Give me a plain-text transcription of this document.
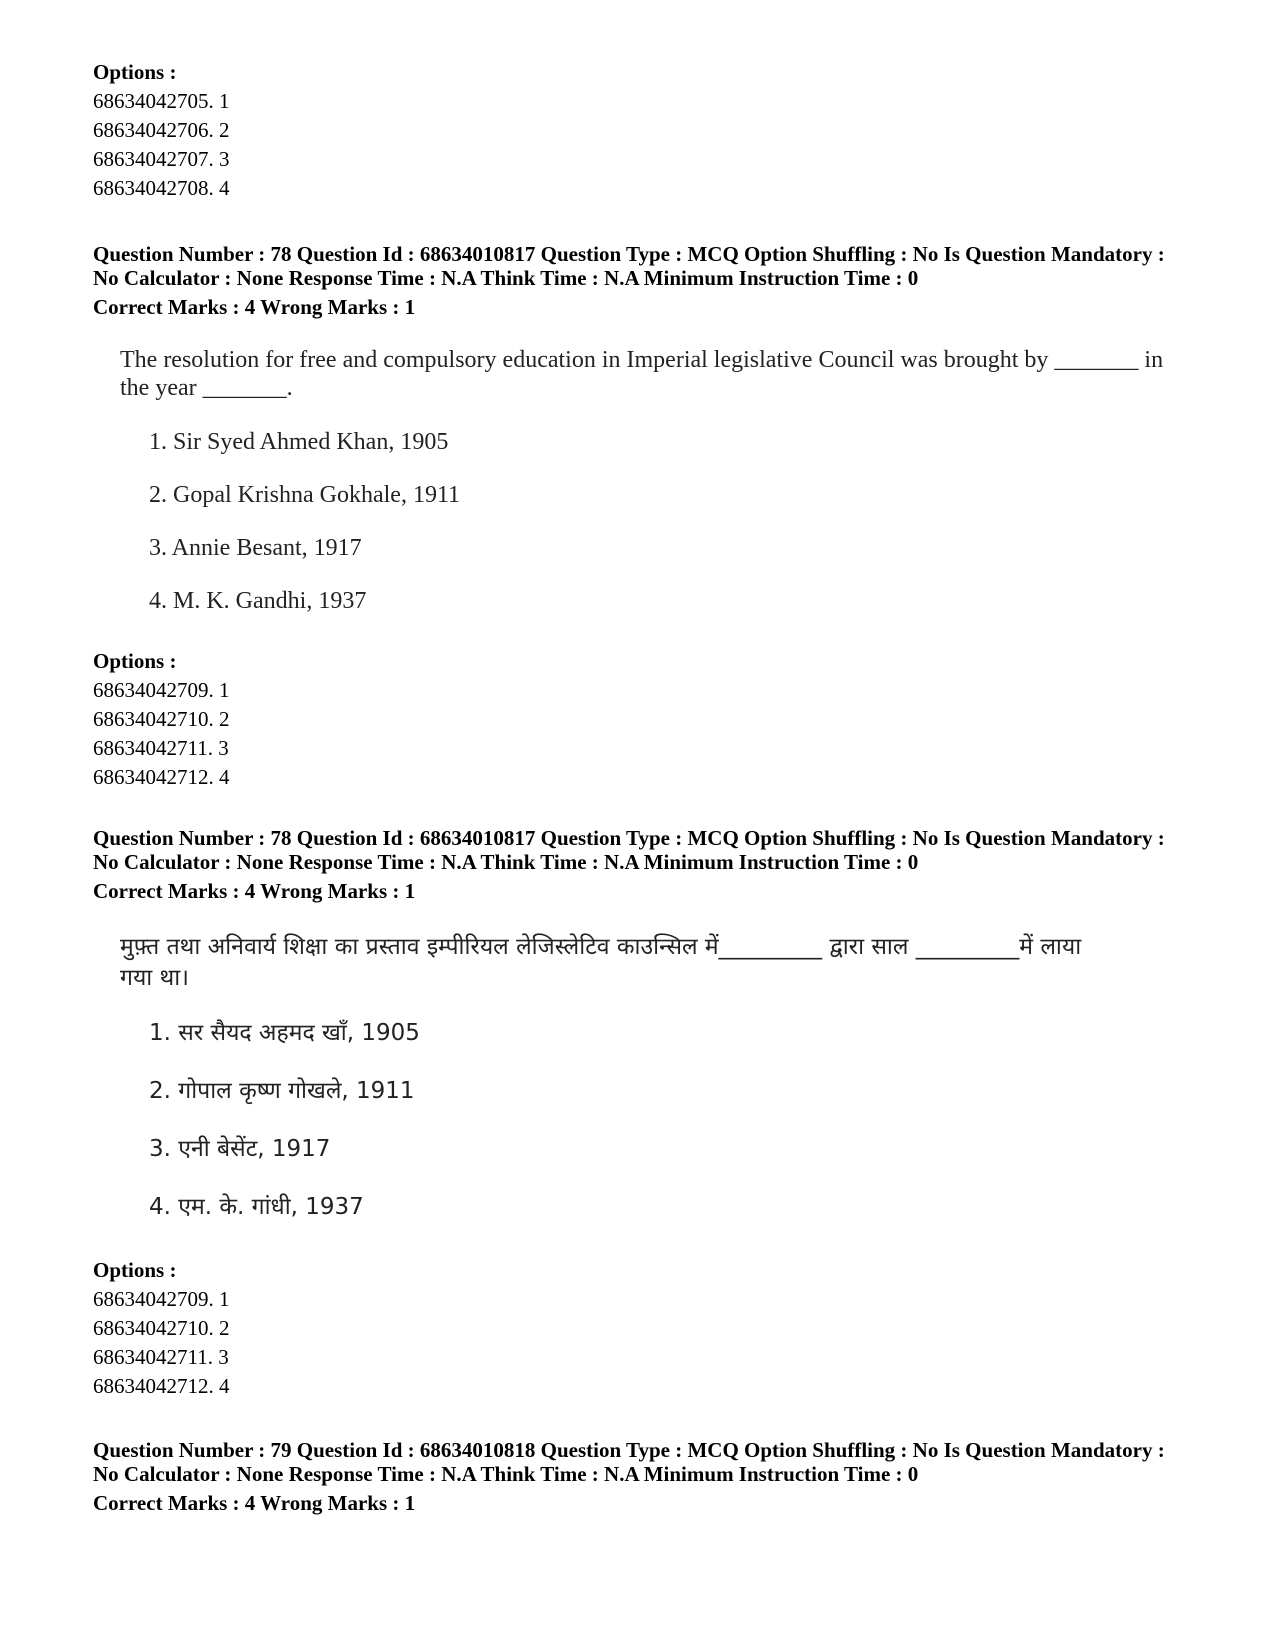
Options :
68634042705. 1
68634042706. 2
68634042707. 3
68634042708. 4
Question Number : 78 Question Id : 68634010817 Question Type : MCQ Option Shuffling : No Is Question Mandatory :
No Calculator : None Response Time : N.A Think Time : N.A Minimum Instruction Time : 0
Correct Marks : 4 Wrong Marks : 1
The resolution for free and compulsory education in Imperial legislative Council was brought by _______ in
the year _______.
1. Sir Syed Ahmed Khan, 1905
2. Gopal Krishna Gokhale, 1911
3. Annie Besant, 1917
4. M. K. Gandhi, 1937
Options :
68634042709. 1
68634042710. 2
68634042711. 3
68634042712. 4
Question Number : 78 Question Id : 68634010817 Question Type : MCQ Option Shuffling : No Is Question Mandatory :
No Calculator : None Response Time : N.A Think Time : N.A Minimum Instruction Time : 0
Correct Marks : 4 Wrong Marks : 1
मुफ़्त तथा अनिवार्य शिक्षा का प्रस्ताव इम्पीरियल लेजिस्लेटिव काउन्सिल में_________ द्वारा साल _________में लाया
गया था।
1. सर सैयद अहमद खाँ, 1905
2. गोपाल कृष्ण गोखले, 1911
3. एनी बेसेंट, 1917
4. एम. के. गांधी, 1937
Options :
68634042709. 1
68634042710. 2
68634042711. 3
68634042712. 4
Question Number : 79 Question Id : 68634010818 Question Type : MCQ Option Shuffling : No Is Question Mandatory :
No Calculator : None Response Time : N.A Think Time : N.A Minimum Instruction Time : 0
Correct Marks : 4 Wrong Marks : 1
